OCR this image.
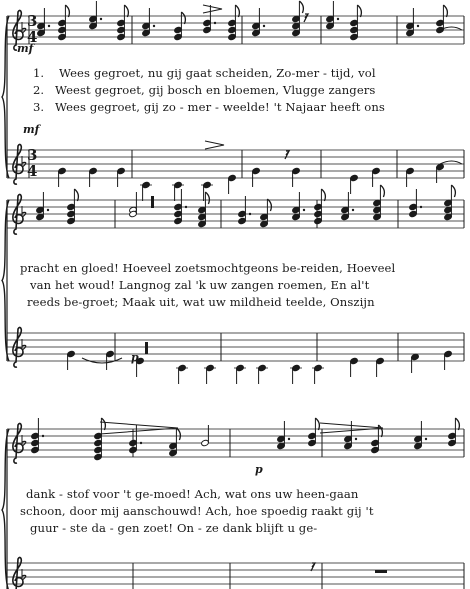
3
4
3
4
mf
mf
p
p
1.
2.
3.
Wees gegroet, nu gij gaat scheiden, Zo-mer - tijd, vol
Weest gegroet, gij bosch en bloemen, Vlugge zangers
Wees gegroet, gij zo - mer - weelde! 't Najaar heeft ons
pracht en gloed! Hoeveel zoetsmochtgeons be-reiden, Hoeveel
van het woud! Langnog zal 'k uw zangen roemen, En al't
reeds be-groet; Maak uit, wat uw mildheid teelde, Onszijn
dank - stof voor 't ge-moed! Ach, wat ons uw heen-gaan
schoon, door mij aanschouwd! Ach, hoe spoedig raakt gij 't
guur - ste da - gen zoet! On - ze dank blijft u ge-
